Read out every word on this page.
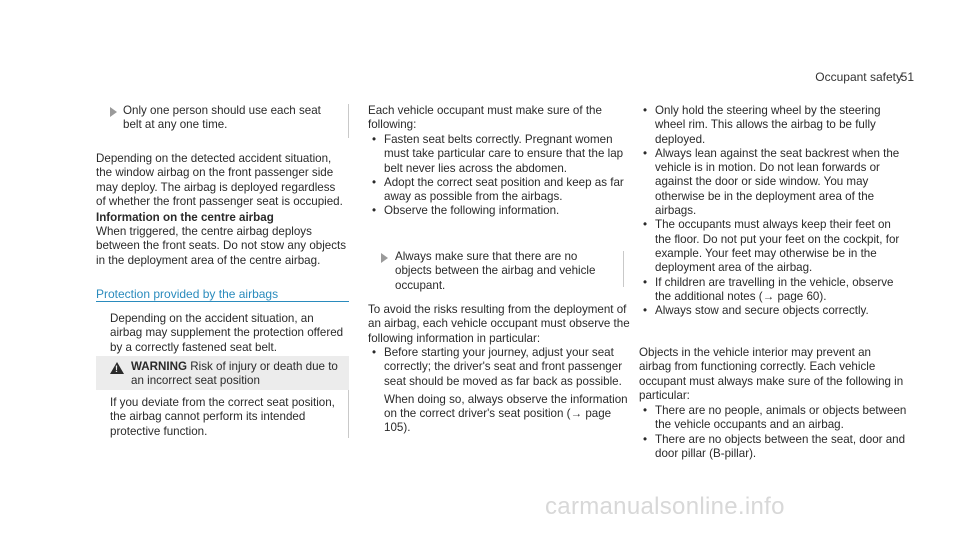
Occupant safety
51

Only one person should use each seat belt at any one time.

Depending on the detected accident situation, the window airbag on the front passenger side may deploy. The airbag is deployed regardless of whether the front passenger seat is occupied.

Information on the centre airbag

When triggered, the centre airbag deploys between the front seats. Do not stow any objects in the deployment area of the centre airbag.

Protection provided by the airbags

Depending on the accident situation, an airbag may supplement the protection offered by a correctly fastened seat belt.

! WARNING Risk of injury or death due to an incorrect seat position

If you deviate from the correct seat position, the airbag cannot perform its intended protective function.

Each vehicle occupant must make sure of the following:

• Fasten seat belts correctly. Pregnant women must take particular care to ensure that the lap belt never lies across the abdomen.
• Adopt the correct seat position and keep as far away as possible from the airbags.
• Observe the following information.

Always make sure that there are no objects between the airbag and vehicle occupant.

To avoid the risks resulting from the deployment of an airbag, each vehicle occupant must observe the following information in particular:

• Before starting your journey, adjust your seat correctly; the driver's seat and front passenger seat should be moved as far back as possible.

When doing so, always observe the information on the correct driver's seat position (→ page 105).

• Only hold the steering wheel by the steering wheel rim. This allows the airbag to be fully deployed.
• Always lean against the seat backrest when the vehicle is in motion. Do not lean forwards or against the door or side window. You may otherwise be in the deployment area of the airbags.
• The occupants must always keep their feet on the floor. Do not put your feet on the cockpit, for example. Your feet may otherwise be in the deployment area of the airbag.
• If children are travelling in the vehicle, observe the additional notes (→ page 60).
• Always stow and secure objects correctly.

Objects in the vehicle interior may prevent an airbag from functioning correctly. Each vehicle occupant must always make sure of the following in particular:

• There are no people, animals or objects between the vehicle occupants and an airbag.
• There are no objects between the seat, door and door pillar (B-pillar).
carmanualsonline.info
